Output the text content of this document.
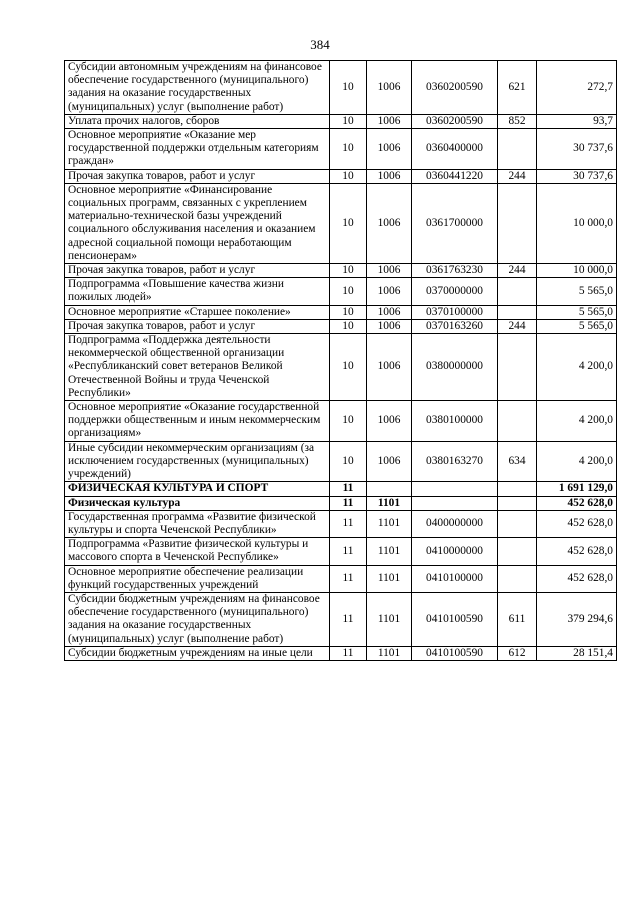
384
Субсидии автономным учреждениям на финансовое обеспечение государственного (муниципального) задания на оказание государственных (муниципальных) услуг (выполнение работ)	10	1006	0360200590	621	272,7
Уплата прочих налогов, сборов	10	1006	0360200590	852	93,7
Основное мероприятие «Оказание мер государственной поддержки отдельным категориям граждан»	10	1006	0360400000		30 737,6
Прочая закупка товаров, работ и услуг	10	1006	0360441220	244	30 737,6
Основное мероприятие «Финансирование социальных программ, связанных с укреплением материально-технической базы учреждений социального обслуживания населения и оказанием адресной социальной помощи неработающим пенсионерам»	10	1006	0361700000		10 000,0
Прочая закупка товаров, работ и услуг	10	1006	0361763230	244	10 000,0
Подпрограмма «Повышение качества жизни пожилых людей»	10	1006	0370000000		5 565,0
Основное мероприятие «Старшее поколение»	10	1006	0370100000		5 565,0
Прочая закупка товаров, работ и услуг	10	1006	0370163260	244	5 565,0
Подпрограмма «Поддержка деятельности некоммерческой общественной организации «Республиканский совет ветеранов Великой Отечественной Войны и труда Чеченской Республики»	10	1006	0380000000		4 200,0
Основное мероприятие «Оказание государственной поддержки общественным и иным некоммерческим организациям»	10	1006	0380100000		4 200,0
Иные субсидии некоммерческим организациям (за исключением государственных (муниципальных) учреждений)	10	1006	0380163270	634	4 200,0
ФИЗИЧЕСКАЯ КУЛЬТУРА И СПОРТ	11				1 691 129,0
Физическая культура	11	1101			452 628,0
Государственная программа «Развитие физической культуры и спорта Чеченской Республики»	11	1101	0400000000		452 628,0
Подпрограмма «Развитие физической культуры и массового спорта в Чеченской Республике»	11	1101	0410000000		452 628,0
Основное мероприятие обеспечение реализации функций государственных учреждений	11	1101	0410100000		452 628,0
Субсидии бюджетным учреждениям на финансовое обеспечение государственного (муниципального) задания на оказание государственных (муниципальных) услуг (выполнение работ)	11	1101	0410100590	611	379 294,6
Субсидии бюджетным учреждениям на иные цели	11	1101	0410100590	612	28 151,4
